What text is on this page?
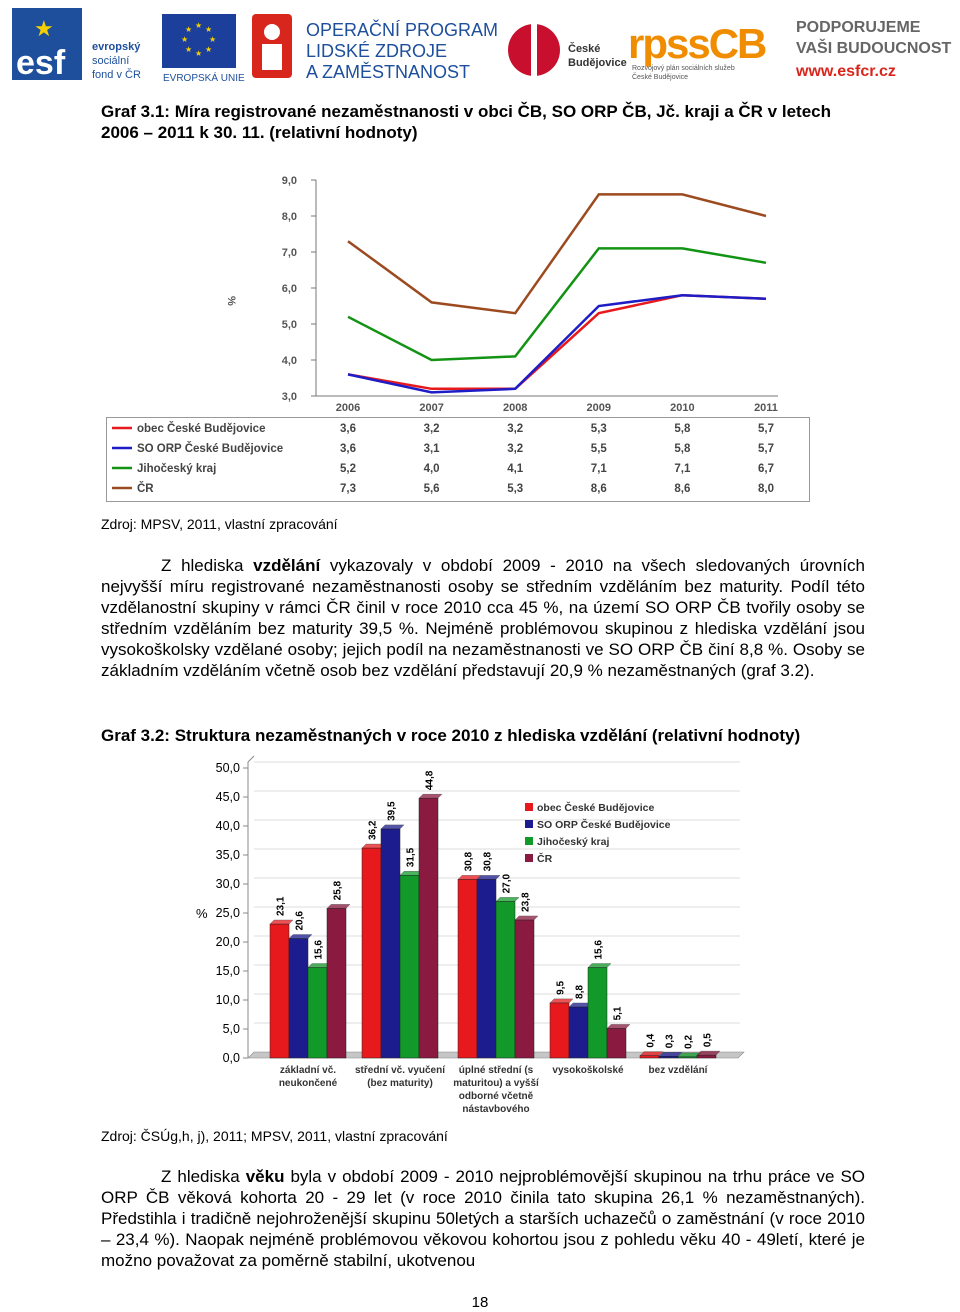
★
esf evropský
sociální
fond v ČR
★ ★
★
★
★
★
★
★
EVROPSKÁ UNIE
OPERAČNÍ PROGRAM
LIDSKÉ ZDROJE
A ZAMĚSTNANOST
České
Budějovice rpssCB
Rozvojový plán sociálních služeb
České Budějovice
PODPORUJEME
VAŠI BUDOUCNOST
www.esfcr.cz
Graf 3.1: Míra registrované nezaměstnanosti v obci ČB, SO ORP ČB, Jč. kraji a ČR v letech 2006 – 2011 k 30. 11. (relativní hodnoty)
3,0
4,0
5,0
6,0
7,0
8,0
9,0
2006	2007	2008	2009	2010	2011
obec České Budějovice	3,6	3,2	3,2	5,3	5,8	5,7
SO ORP České Budějovice	3,6	3,1	3,2	5,5	5,8	5,7
Jihočeský kraj	5,2	4,0	4,1	7,1	7,1	6,7
ČR	7,3	5,6	5,3	8,6	8,6	8,0
%
Zdroj: MPSV, 2011, vlastní zpracování

Z hlediska vzdělání vykazovaly v období 2009 - 2010 na všech sledovaných úrovních nejvyšší míru registrované nezaměstnanosti osoby se středním vzděláním bez maturity. Podíl této vzdělanostní skupiny v rámci ČR činil v roce 2010 cca 45 %, na území SO ORP ČB tvořily osoby se středním vzděláním bez maturity 39,5 %. Nejméně problémovou skupinou z hlediska vzdělání jsou vysokoškolsky vzdělané osoby; jejich podíl na nezaměstnanosti ve SO ORP ČB činí 8,8 %. Osoby se základním vzděláním včetně osob bez vzdělání představují 20,9 % nezaměstnaných (graf 3.2).

Graf 3.2: Struktura nezaměstnaných v roce 2010 z hlediska vzdělání (relativní hodnoty)
0,0
5,0
10,0
15,0
20,0
25,0
30,0
35,0
40,0
45,0
50,0
%	23,1
20,6
15,6
25,8
36,2
39,5
31,5
44,8
30,8 30,8
27,0
23,8
9,5 8,8
15,6
5,1
0,4 0,3 0,2 0,5
základní vč.
neukončené
střední vč. vyučení
(bez maturity)
úplné střední (s
maturitou) a vyšší
odborné včetně
nástavbového
vysokoškolské bez vzdělání
obec České Budějovice
SO ORP České Budějovice
Jihočeský kraj
ČR
Zdroj: ČSÚg,h, j), 2011; MPSV, 2011, vlastní zpracování

Z hlediska věku byla v období 2009 - 2010 nejproblémovější skupinou na trhu práce ve SO ORP ČB věková kohorta 20 - 29 let (v roce 2010 činila tato skupina 26,1 % nezaměstnaných). Předstihla i tradičně nejohroženější skupinu 50letých a starších uchazečů o zaměstnání (v roce 2010 – 23,4 %). Naopak nejméně problémovou věkovou kohortou jsou z pohledu věku 40 - 49letí, které je možno považovat za poměrně stabilní, ukotvenou

18
